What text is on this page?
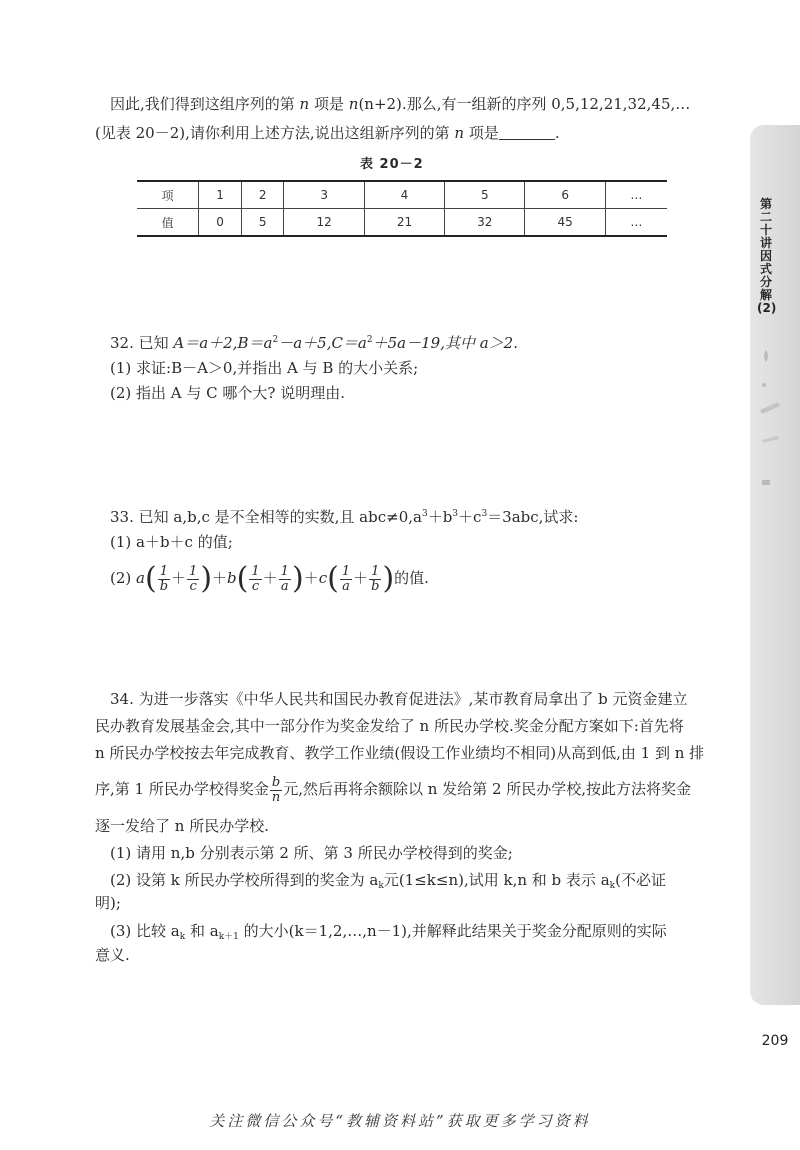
因此,我们得到这组序列的第 n 项是 n(n+2).那么,有一组新的序列 0,5,12,21,32,45,…
(见表 20－2),请你利用上述方法,说出这组新序列的第 n 项是	.
表 20－2
项	1	2	3	4	5	6	…
值	0	5	12	21	32	45	…
32. 已知 $A=a+2,B=a^2-a+5,C=a^2+5a-19$,其中 a＞2.
(1) 求证:B－A＞0,并指出 A 与 B 的大小关系;
(2) 指出 A 与 C 哪个大? 说明理由.
33. 已知 a,b,c 是不全相等的实数,且 $abc\ne 0,a^3+b^3+c^3=3abc$,试求:
(1) a＋b＋c 的值;
(2) $a( \frac{1}{b} + \frac{1}{c} )+b( \frac{1}{c} + \frac{1}{a} )+c( \frac{1}{a} + \frac{1}{b}$ )的值.
34. 为进一步落实《中华人民共和国民办教育促进法》,某市教育局拿出了 b 元资金建立
民办教育发展基金会,其中一部分作为奖金发给了 n 所民办学校.奖金分配方案如下:首先将
n 所民办学校按去年完成教育、教学工作业绩(假设工作业绩均不相同)从高到低,由 1 到 n 排
序,第 1 所民办学校得奖金 $\frac{b}{n}$ 元,然后再将余额除以 n 发给第 2 所民办学校,按此方法将奖金
逐一发给了 n 所民办学校.
(1) 请用 n,b 分别表示第 2 所、第 3 所民办学校得到的奖金;
(2) 设第 k 所民办学校所得到的奖金为 $a_k$元(1≤k≤n),试用 k,n 和 b 表示 $a_k$(不必证
明);
(3) 比较 $a_k$ 和 $a_{k+1}$ 的大小(k＝1,2,…,n－1),并解释此结果关于奖金分配原则的实际
意义.
第二十讲 因式分解(2)
209
关注微信公众号“教辅资料站”获取更多学习资料
